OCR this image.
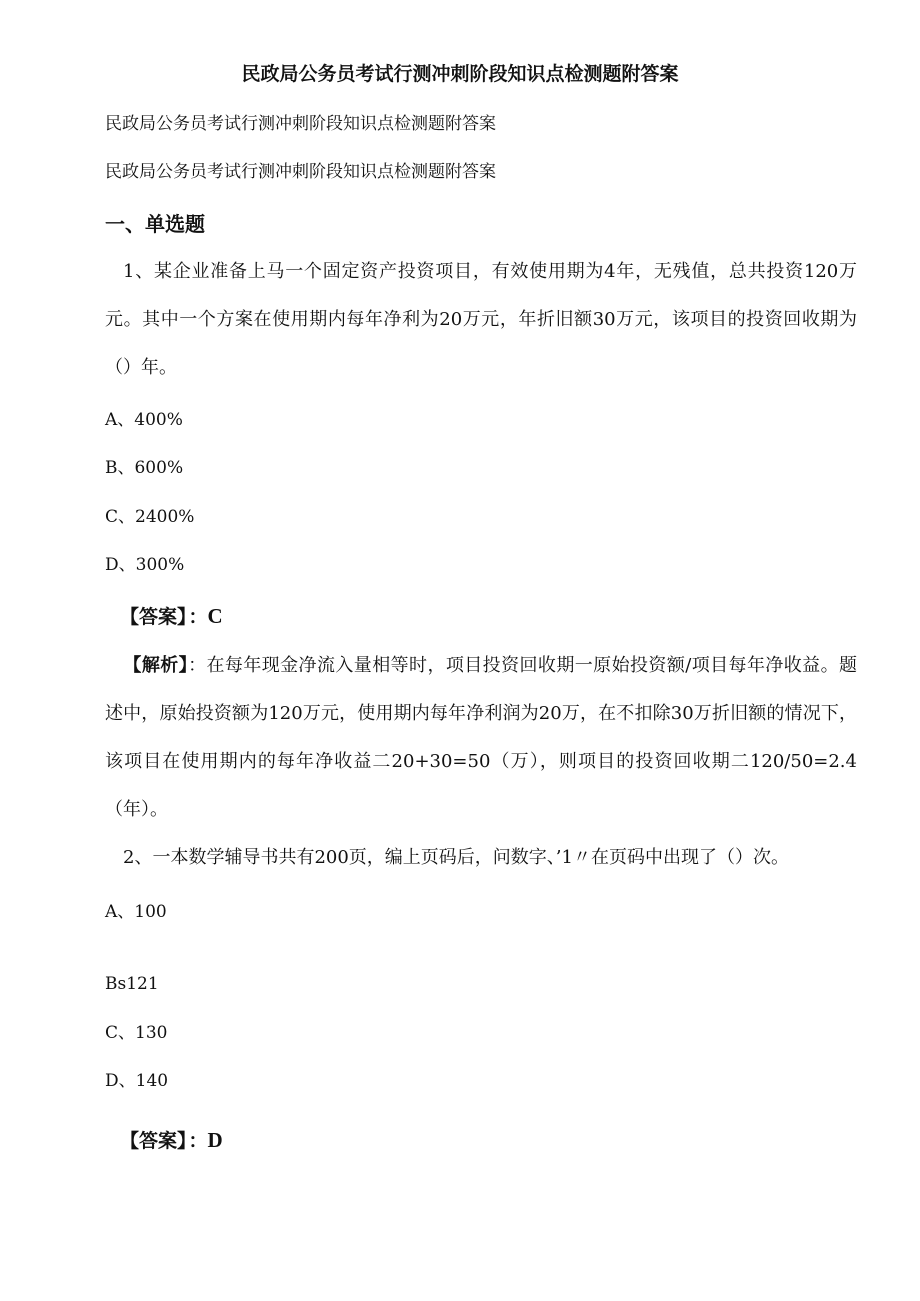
民政局公务员考试行测冲刺阶段知识点检测题附答案
民政局公务员考试行测冲刺阶段知识点检测题附答案
民政局公务员考试行测冲刺阶段知识点检测题附答案
一、单选题
1、某企业准备上马一个固定资产投资项目，有效使用期为4年，无残值，总共投资120万元。其中一个方案在使用期内每年净利为20万元，年折旧额30万元，该项目的投资回收期为（）年。
A、400%
B、600%
C、2400%
D、300%
【答案】 ：C
【解析】：在每年现金净流入量相等时，项目投资回收期一原始投资额/项目每年净收益。题述中，原始投资额为120万元，使用期内每年净利润为20万，在不扣除30万折旧额的情况下，该项目在使用期内的每年净收益二20+30=50（万），则项目的投资回收期二120/50=2.4（年）。
2、一本数学辅导书共有200页，编上页码后，问数字、’1〃在页码中出现了（）次。
A、100
Bs121
C、130
D、140
【答案】 ：D
